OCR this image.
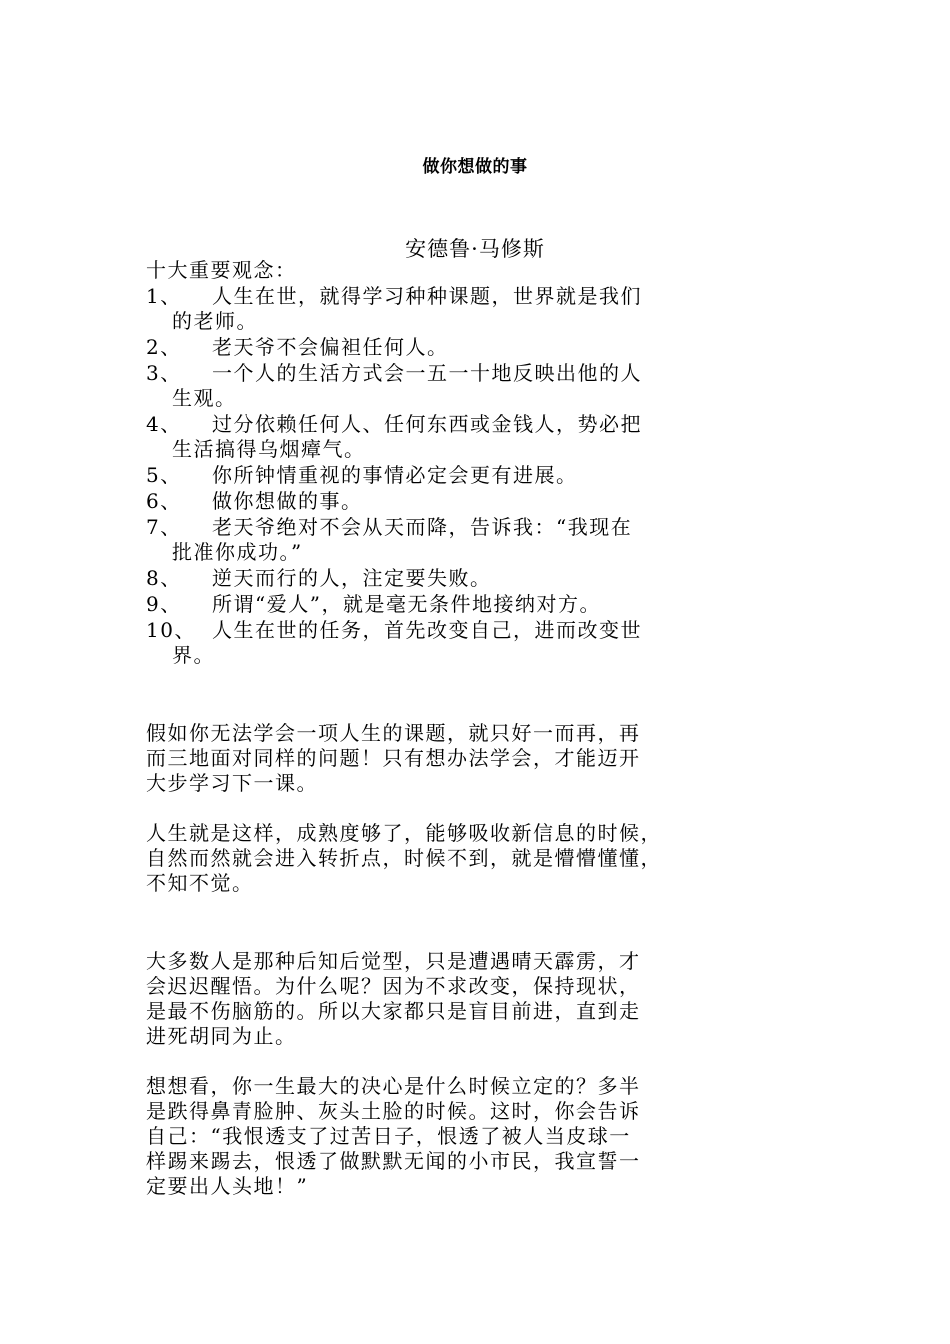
做你想做的事
安德鲁·马修斯
十大重要观念：
1、	人生在世，就得学习种种课题，世界就是我们
的老师。
2、	老天爷不会偏袒任何人。
3、	一个人的生活方式会一五一十地反映出他的人
生观。
4、	过分依赖任何人、任何东西或金钱人，势必把
生活搞得乌烟瘴气。
5、	你所钟情重视的事情必定会更有进展。
6、	做你想做的事。
7、	老天爷绝对不会从天而降，告诉我：“我现在
批准你成功。”
8、	逆天而行的人，注定要失败。
9、	所谓“爱人”，就是毫无条件地接纳对方。
10、 人生在世的任务，首先改变自己，进而改变世
界。
假如你无法学会一项人生的课题，就只好一而再，再
而三地面对同样的问题！只有想办法学会，才能迈开
大步学习下一课。
人生就是这样，成熟度够了，能够吸收新信息的时候，
自然而然就会进入转折点，时候不到，就是懵懵懂懂，
不知不觉。
大多数人是那种后知后觉型，只是遭遇晴天霹雳，才
会迟迟醒悟。为什么呢？因为不求改变，保持现状，
是最不伤脑筋的。所以大家都只是盲目前进，直到走
进死胡同为止。
想想看，你一生最大的决心是什么时候立定的？多半
是跌得鼻青脸肿、灰头土脸的时候。这时，你会告诉
自己：“我恨透支了过苦日子，恨透了被人当皮球一
样踢来踢去，恨透了做默默无闻的小市民，我宣誓一
定要出人头地！”
